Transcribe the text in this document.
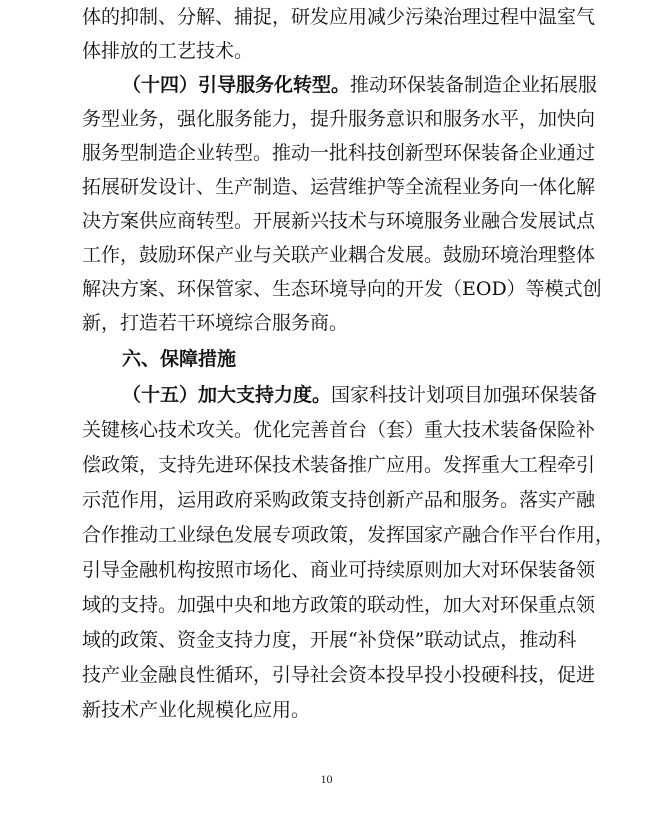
体的抑制、分解、捕捉，研发应用减少污染治理过程中温室气
体排放的工艺技术。
（十四）引导服务化转型。推动环保装备制造企业拓展服
务型业务，强化服务能力，提升服务意识和服务水平，加快向
服务型制造企业转型。推动一批科技创新型环保装备企业通过
拓展研发设计、生产制造、运营维护等全流程业务向一体化解
决方案供应商转型。开展新兴技术与环境服务业融合发展试点
工作，鼓励环保产业与关联产业耦合发展。鼓励环境治理整体
解决方案、环保管家、生态环境导向的开发（EOD）等模式创
新，打造若干环境综合服务商。
六、保障措施
（十五）加大支持力度。国家科技计划项目加强环保装备
关键核心技术攻关。优化完善首台（套）重大技术装备保险补
偿政策，支持先进环保技术装备推广应用。发挥重大工程牵引
示范作用，运用政府采购政策支持创新产品和服务。落实产融
合作推动工业绿色发展专项政策，发挥国家产融合作平台作用，
引导金融机构按照市场化、商业可持续原则加大对环保装备领
域的支持。加强中央和地方政策的联动性，加大对环保重点领
域的政策、资金支持力度，开展“补贷保”联动试点，推动科
技产业金融良性循环，引导社会资本投早投小投硬科技，促进
新技术产业化规模化应用。
10
